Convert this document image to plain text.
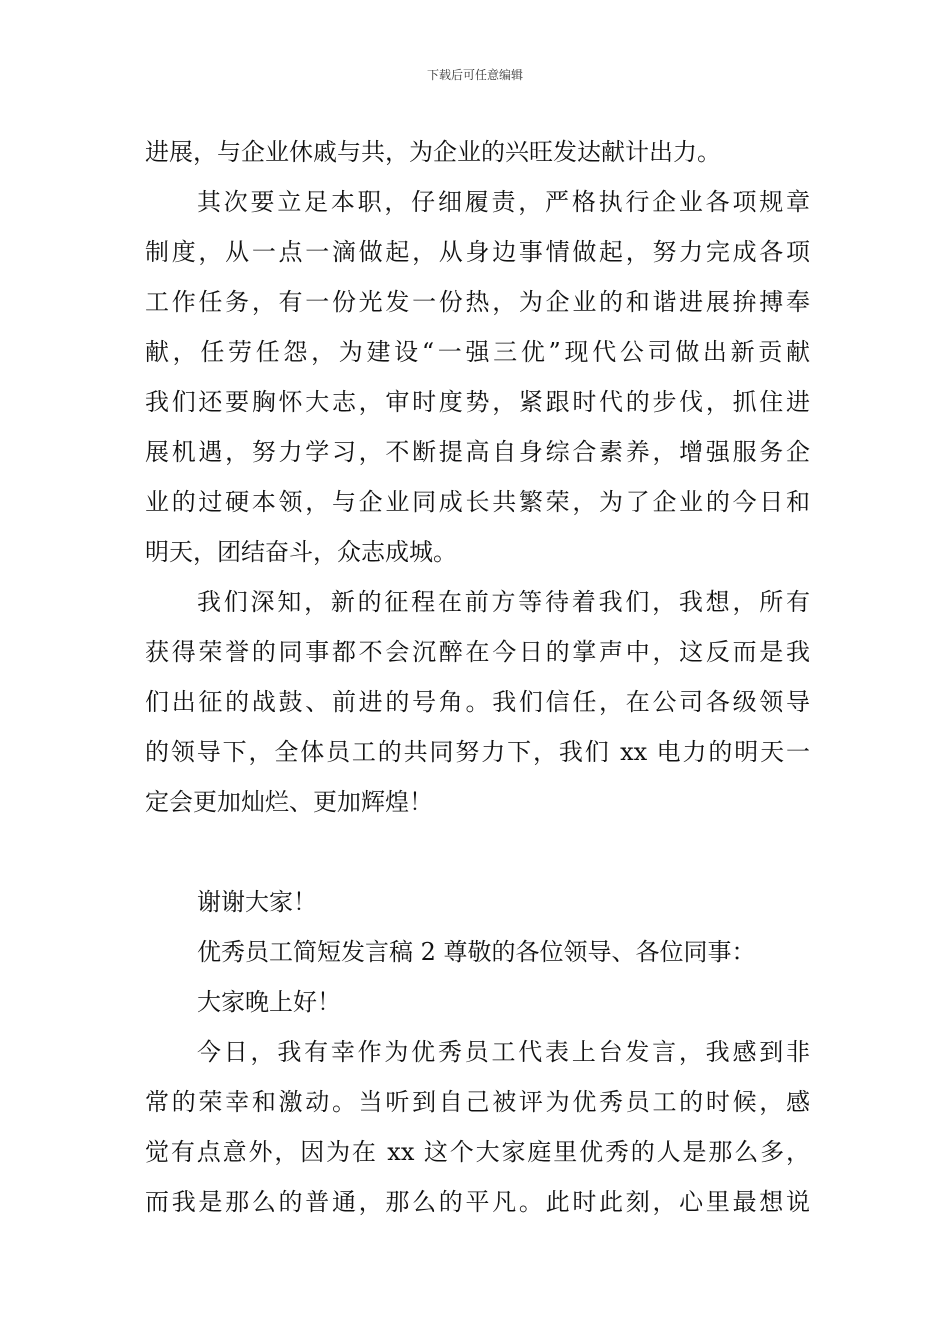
下载后可任意编辑
进展，与企业休戚与共，为企业的兴旺发达献计出力。
其次要立足本职，仔细履责，严格执行企业各项规章
制度，从一点一滴做起，从身边事情做起，努力完成各项
工作任务，有一份光发一份热，为企业的和谐进展拚搏奉
献，任劳任怨，为建设“一强三优”现代公司做出新贡献
我们还要胸怀大志，审时度势，紧跟时代的步伐，抓住进
展机遇，努力学习，不断提高自身综合素养，增强服务企
业的过硬本领，与企业同成长共繁荣，为了企业的今日和
明天，团结奋斗，众志成城。
我们深知，新的征程在前方等待着我们，我想，所有
获得荣誉的同事都不会沉醉在今日的掌声中，这反而是我
们出征的战鼓、前进的号角。我们信任，在公司各级领导
的领导下，全体员工的共同努力下，我们 xx 电力的明天一
定会更加灿烂、更加辉煌！
谢谢大家！
优秀员工简短发言稿 2 尊敬的各位领导、各位同事：
大家晚上好！
今日，我有幸作为优秀员工代表上台发言，我感到非
常的荣幸和激动。当听到自己被评为优秀员工的时候，感
觉有点意外，因为在 xx 这个大家庭里优秀的人是那么多，
而我是那么的普通，那么的平凡。此时此刻，心里最想说
